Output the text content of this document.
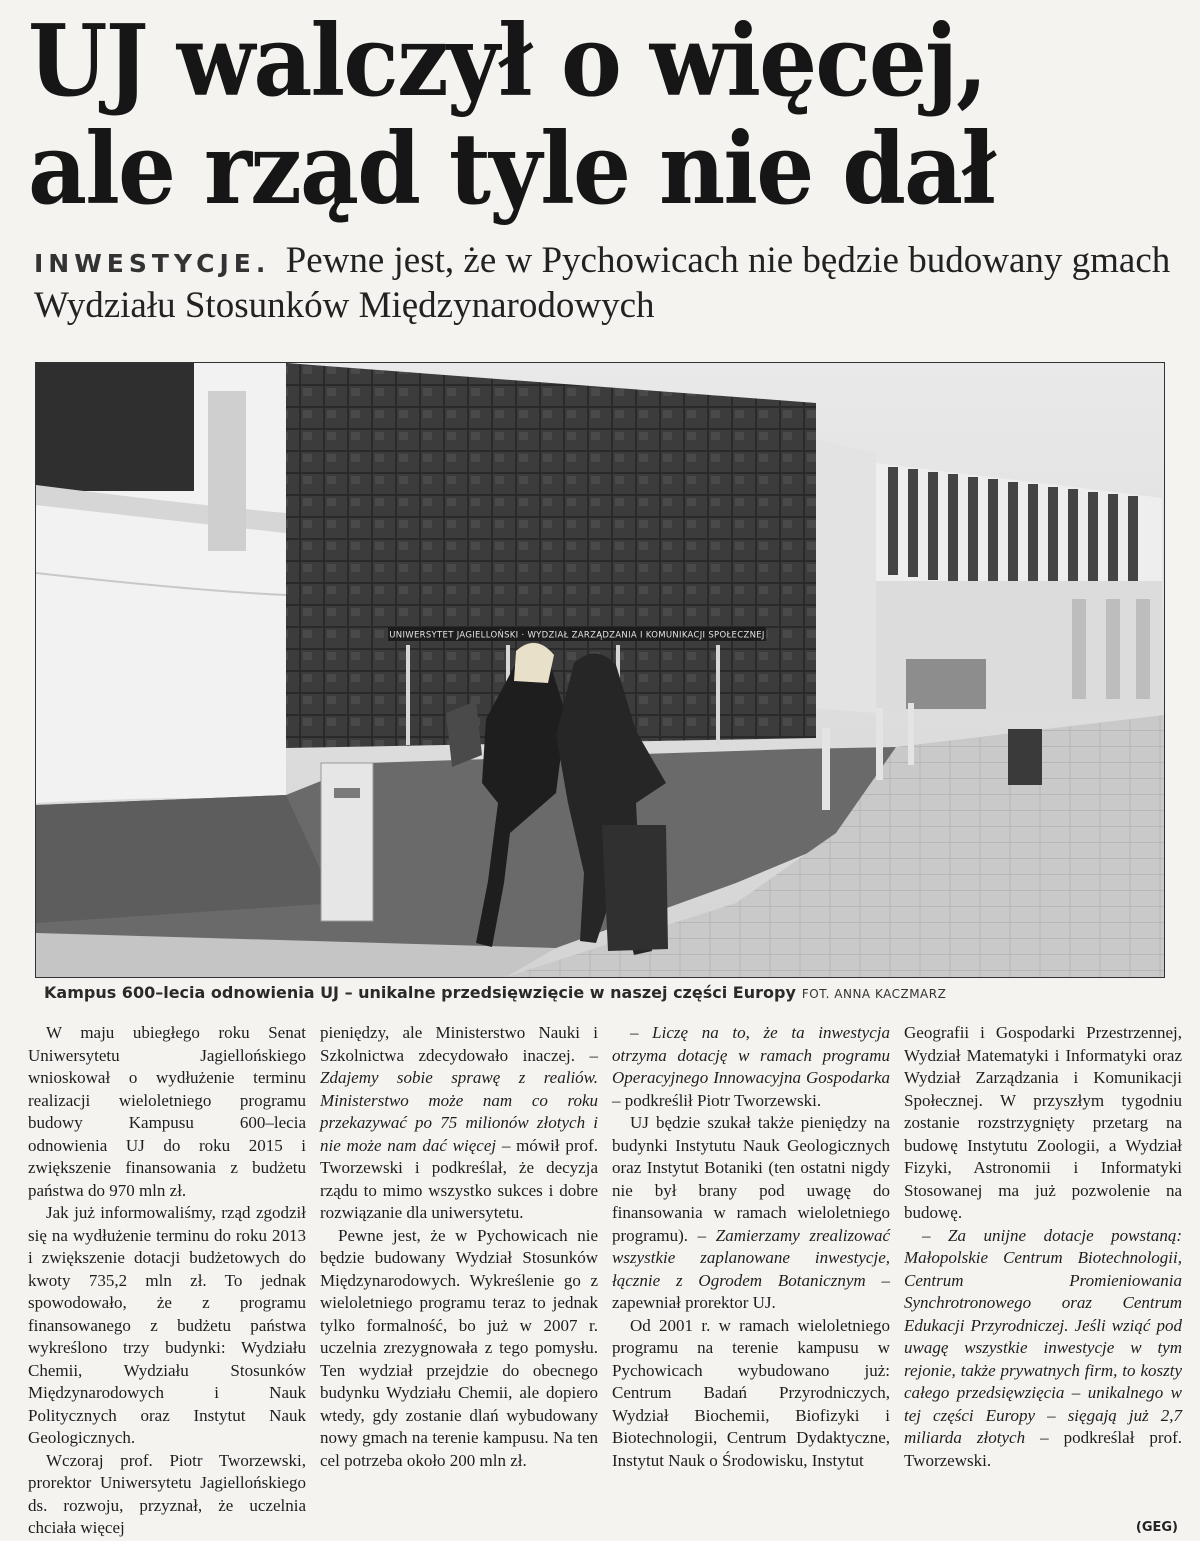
UJ walczył o więcej,
ale rząd tyle nie dał

INWESTYCJE. Pewne jest, że w Pychowicach nie będzie budowany gmach Wydziału Stosunków Międzynarodowych

UNIWERSYTET JAGIELLOŃSKI · WYDZIAŁ ZARZĄDZANIA I KOMUNIKACJI SPOŁECZNEJ

Kampus 600–lecia odnowienia UJ – unikalne przedsięwzięcie w naszej części Europy FOT. ANNA KACZMARZ

W maju ubiegłego roku Senat Uniwersytetu Jagiellońskiego wnioskował o wydłużenie terminu realizacji wieloletniego programu budowy Kampusu 600–lecia odnowienia UJ do roku 2015 i zwiększenie finansowania z budżetu państwa do 970 mln zł.

Jak już informowaliśmy, rząd zgodził się na wydłużenie terminu do roku 2013 i zwiększenie dotacji budżetowych do kwoty 735,2 mln zł. To jednak spowodowało, że z programu finansowanego z budżetu państwa wykreślono trzy budynki: Wydziału Chemii, Wydziału Stosunków Międzynarodowych i Nauk Politycznych oraz Instytut Nauk Geologicznych.

Wczoraj prof. Piotr Tworzewski, prorektor Uniwersytetu Jagiellońskiego ds. rozwoju, przyznał, że uczelnia chciała więcej

pieniędzy, ale Ministerstwo Nauki i Szkolnictwa zdecydowało inaczej. – Zdajemy sobie sprawę z realiów. Ministerstwo może nam co roku przekazywać po 75 milionów złotych i nie może nam dać więcej – mówił prof. Tworzewski i podkreślał, że decyzja rządu to mimo wszystko sukces i dobre rozwiązanie dla uniwersytetu.

Pewne jest, że w Pychowicach nie będzie budowany Wydział Stosunków Międzynarodowych. Wykreślenie go z wieloletniego programu teraz to jednak tylko formalność, bo już w 2007 r. uczelnia zrezygnowała z tego pomysłu. Ten wydział przejdzie do obecnego budynku Wydziału Chemii, ale dopiero wtedy, gdy zostanie dlań wybudowany nowy gmach na terenie kampusu. Na ten cel potrzeba około 200 mln zł.

– Liczę na to, że ta inwestycja otrzyma dotację w ramach programu Operacyjnego Innowacyjna Gospodarka – podkreślił Piotr Tworzewski.

UJ będzie szukał także pieniędzy na budynki Instytutu Nauk Geologicznych oraz Instytut Botaniki (ten ostatni nigdy nie był brany pod uwagę do finansowania w ramach wieloletniego programu). – Zamierzamy zrealizować wszystkie zaplanowane inwestycje, łącznie z Ogrodem Botanicznym – zapewniał prorektor UJ.

Od 2001 r. w ramach wieloletniego programu na terenie kampusu w Pychowicach wybudowano już: Centrum Badań Przyrodniczych, Wydział Biochemii, Biofizyki i Biotechnologii, Centrum Dydaktyczne, Instytut Nauk o Środowisku, Instytut

Geografii i Gospodarki Przestrzennej, Wydział Matematyki i Informatyki oraz Wydział Zarządzania i Komunikacji Społecznej. W przyszłym tygodniu zostanie rozstrzygnięty przetarg na budowę Instytutu Zoologii, a Wydział Fizyki, Astronomii i Informatyki Stosowanej ma już pozwolenie na budowę.

– Za unijne dotacje powstaną: Małopolskie Centrum Biotechnologii, Centrum Promieniowania Synchrotronowego oraz Centrum Edukacji Przyrodniczej. Jeśli wziąć pod uwagę wszystkie inwestycje w tym rejonie, także prywatnych firm, to koszty całego przedsięwzięcia – unikalnego w tej części Europy – sięgają już 2,7 miliarda złotych – podkreślał prof. Tworzewski.

(GEG)
